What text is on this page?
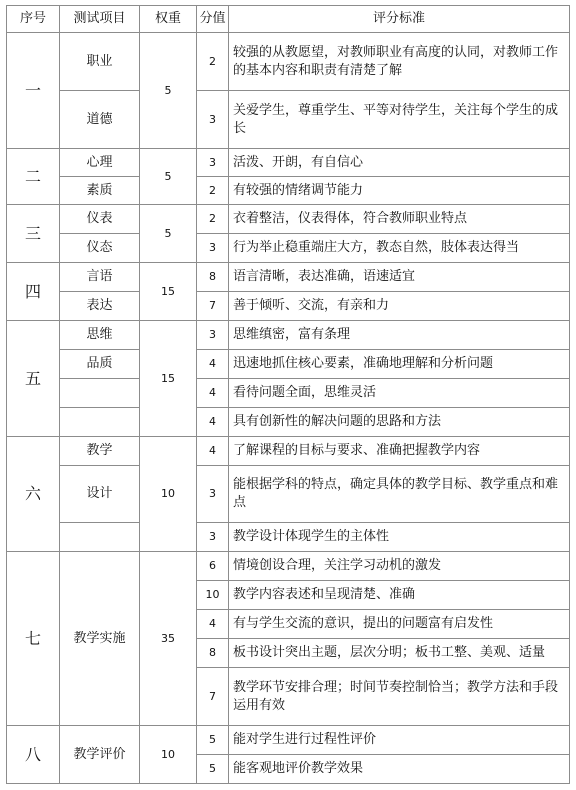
序号	测试项目	权重	分值	评分标准
一	职业	5	2	较强的从教愿望，对教师职业有高度的认同，对教师工作的基本内容和职责有清楚了解
	道德		3	关爱学生，尊重学生、平等对待学生，关注每个学生的成长
二	心理	5	3	活泼、开朗，有自信心
	素质		2	有较强的情绪调节能力
三	仪表	5	2	衣着整洁，仪表得体，符合教师职业特点
	仪态		3	行为举止稳重端庄大方，教态自然，肢体表达得当
四	言语	15	8	语言清晰，表达准确，语速适宜
	表达		7	善于倾听、交流，有亲和力
五	思维	15	3	思维缜密，富有条理
	品质		4	迅速地抓住核心要素，准确地理解和分析问题
			4	看待问题全面，思维灵活
			4	具有创新性的解决问题的思路和方法
六	教学	10	4	了解课程的目标与要求、准确把握教学内容
	设计		3	能根据学科的特点，确定具体的教学目标、教学重点和难点
			3	教学设计体现学生的主体性
七	教学实施	35	6	情境创设合理，关注学习动机的激发
			10	教学内容表述和呈现清楚、准确
			4	有与学生交流的意识，提出的问题富有启发性
			8	板书设计突出主题，层次分明；板书工整、美观、适量
			7	教学环节安排合理；时间节奏控制恰当；教学方法和手段运用有效
八	教学评价	10	5	能对学生进行过程性评价
			5	能客观地评价教学效果
